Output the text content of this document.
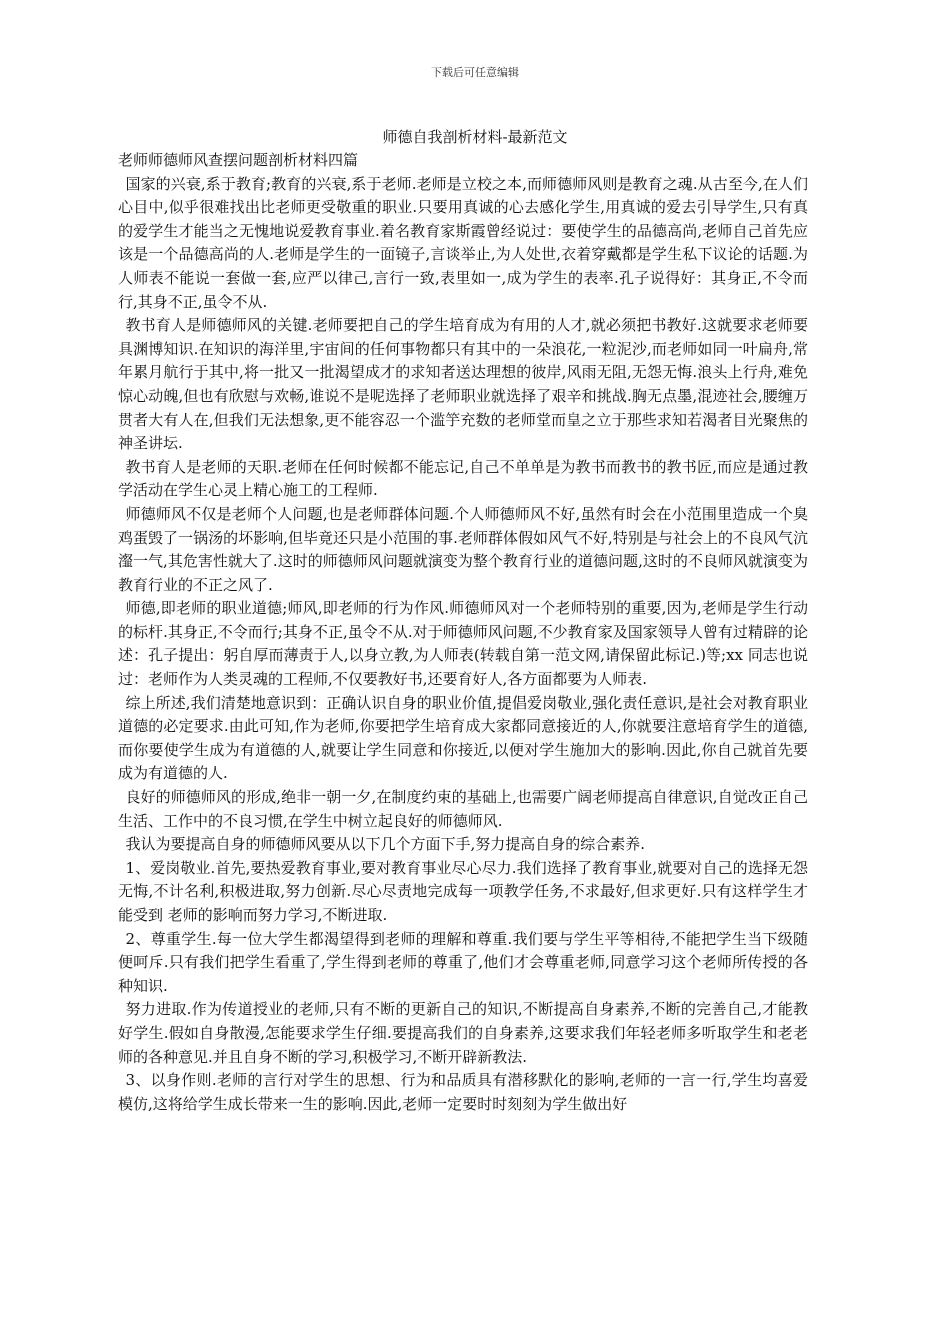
下载后可任意编辑
师德自我剖析材料-最新范文

老师师德师风查摆问题剖析材料四篇

国家的兴衰,系于教育;教育的兴衰,系于老师.老师是立校之本,而师德师风则是教育之魂.从古至今,在人们心目中,似乎很难找出比老师更受敬重的职业.只要用真诚的心去感化学生,用真诚的爱去引导学生,只有真的爱学生才能当之无愧地说爱教育事业.着名教育家斯霞曾经说过：要使学生的品德高尚,老师自己首先应该是一个品德高尚的人.老师是学生的一面镜子,言谈举止,为人处世,衣着穿戴都是学生私下议论的话题.为人师表不能说一套做一套,应严以律己,言行一致,表里如一,成为学生的表率.孔子说得好：其身正,不令而行,其身不正,虽令不从.

教书育人是师德师风的关键.老师要把自己的学生培育成为有用的人才,就必须把书教好.这就要求老师要具渊博知识.在知识的海洋里,宇宙间的任何事物都只有其中的一朵浪花,一粒泥沙,而老师如同一叶扁舟,常年累月航行于其中,将一批又一批渴望成才的求知者送达理想的彼岸,风雨无阻,无怨无悔.浪头上行舟,难免惊心动魄,但也有欣慰与欢畅,谁说不是呢选择了老师职业就选择了艰辛和挑战.胸无点墨,混迹社会,腰缠万贯者大有人在,但我们无法想象,更不能容忍一个滥竽充数的老师堂而皇之立于那些求知若渴者目光聚焦的神圣讲坛.

教书育人是老师的天职.老师在任何时候都不能忘记,自己不单单是为教书而教书的教书匠,而应是通过教学活动在学生心灵上精心施工的工程师.

师德师风不仅是老师个人问题,也是老师群体问题.个人师德师风不好,虽然有时会在小范围里造成一个臭鸡蛋毁了一锅汤的坏影响,但毕竟还只是小范围的事.老师群体假如风气不好,特别是与社会上的不良风气沆瀣一气,其危害性就大了.这时的师德师风问题就演变为整个教育行业的道德问题,这时的不良师风就演变为教育行业的不正之风了.

师德,即老师的职业道德;师风,即老师的行为作风.师德师风对一个老师特别的重要,因为,老师是学生行动的标杆.其身正,不令而行;其身不正,虽令不从.对于师德师风问题,不少教育家及国家领导人曾有过精辟的论述：孔子提出：躬自厚而薄责于人,以身立教,为人师表(转载自第一范文网,请保留此标记.)等;xx 同志也说过：老师作为人类灵魂的工程师,不仅要教好书,还要育好人,各方面都要为人师表.

综上所述,我们清楚地意识到：正确认识自身的职业价值,提倡爱岗敬业,强化责任意识,是社会对教育职业道德的必定要求.由此可知,作为老师,你要把学生培育成大家都同意接近的人,你就要注意培育学生的道德,而你要使学生成为有道德的人,就要让学生同意和你接近,以便对学生施加大的影响.因此,你自己就首先要成为有道德的人.

良好的师德师风的形成,绝非一朝一夕,在制度约束的基础上,也需要广阔老师提高自律意识,自觉改正自己生活、工作中的不良习惯,在学生中树立起良好的师德师风.

我认为要提高自身的师德师风要从以下几个方面下手,努力提高自身的综合素养.

1、爱岗敬业.首先,要热爱教育事业,要对教育事业尽心尽力.我们选择了教育事业,就要对自己的选择无怨无悔,不计名利,积极进取,努力创新.尽心尽责地完成每一项教学任务,不求最好,但求更好.只有这样学生才 能受到 老师的影响而努力学习,不断进取.

2、尊重学生.每一位大学生都渴望得到老师的理解和尊重.我们要与学生平等相待,不能把学生当下级随便呵斥.只有我们把学生看重了,学生得到老师的尊重了,他们才会尊重老师,同意学习这个老师所传授的各种知识.

努力进取.作为传道授业的老师,只有不断的更新自己的知识,不断提高自身素养,不断的完善自己,才能教好学生.假如自身散漫,怎能要求学生仔细.要提高我们的自身素养,这要求我们年轻老师多听取学生和老老师的各种意见.并且自身不断的学习,积极学习,不断开辟新教法.

3、以身作则.老师的言行对学生的思想、行为和品质具有潜移默化的影响,老师的一言一行,学生均喜爱模仿,这将给学生成长带来一生的影响.因此,老师一定要时时刻刻为学生做出好
